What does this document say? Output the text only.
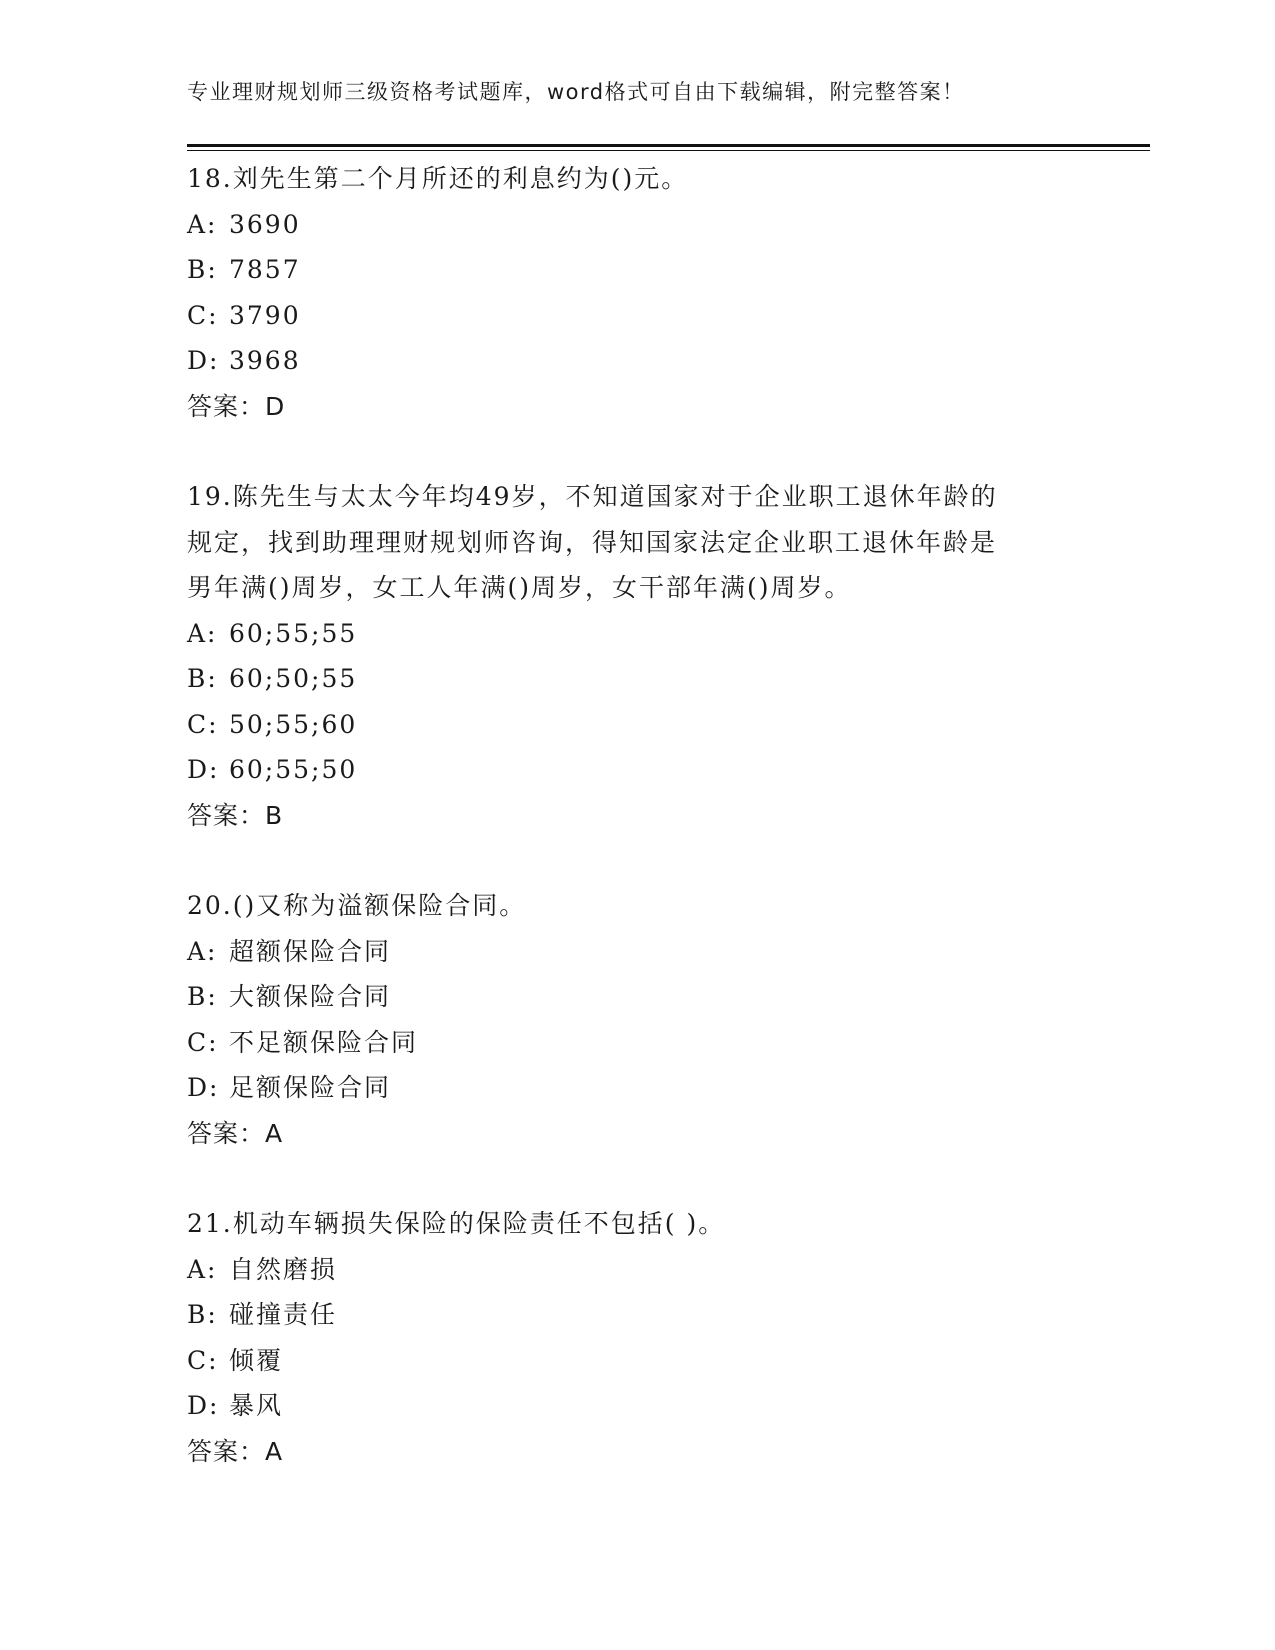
专业理财规划师三级资格考试题库，word格式可自由下载编辑，附完整答案！
18.刘先生第二个月所还的利息约为()元。
A: 3690
B: 7857
C: 3790
D: 3968
答案：D
19.陈先生与太太今年均49岁，不知道国家对于企业职工退休年龄的
规定，找到助理理财规划师咨询，得知国家法定企业职工退休年龄是
男年满()周岁，女工人年满()周岁，女干部年满()周岁。
A: 60;55;55
B: 60;50;55
C: 50;55;60
D: 60;55;50
答案：B
20.()又称为溢额保险合同。
A: 超额保险合同
B: 大额保险合同
C: 不足额保险合同
D: 足额保险合同
答案：A
21.机动车辆损失保险的保险责任不包括( )。
A: 自然磨损
B: 碰撞责任
C: 倾覆
D: 暴风
答案：A
